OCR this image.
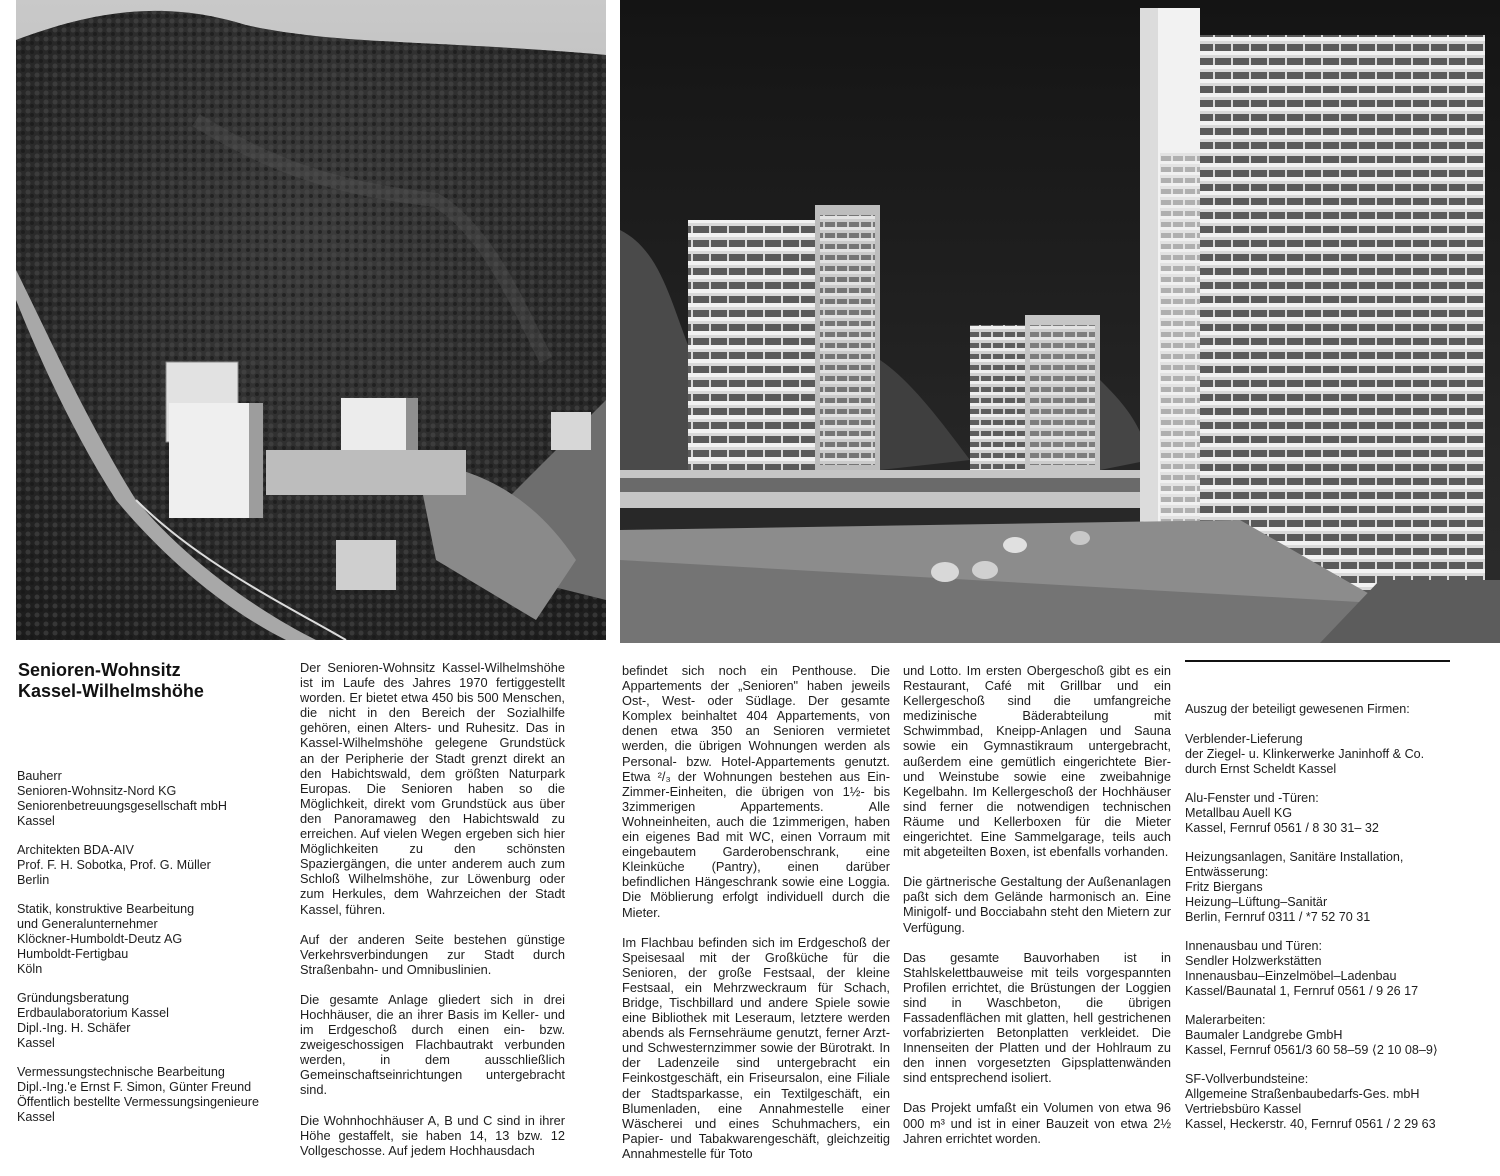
Senioren-Wohnsitz
Kassel-Wilhelmshöhe
Bauherr
Senioren-Wohnsitz-Nord KG
Seniorenbetreuungsgesellschaft mbH
Kassel
Architekten BDA-AIV
Prof. F. H. Sobotka, Prof. G. Müller
Berlin
Statik, konstruktive Bearbeitung
und Generalunternehmer
Klöckner-Humboldt-Deutz AG
Humboldt-Fertigbau
Köln
Gründungsberatung
Erdbaulaboratorium Kassel
Dipl.-Ing. H. Schäfer
Kassel
Vermessungstechnische Bearbeitung
Dipl.-Ing.'e Ernst F. Simon, Günter Freund
Öffentlich bestellte Vermessungsingenieure
Kassel

Der Senioren-Wohnsitz Kassel-Wilhelmshöhe ist im Laufe des Jahres 1970 fertiggestellt worden. Er bietet etwa 450 bis 500 Menschen, die nicht in den Bereich der Sozialhilfe gehören, einen Alters- und Ruhesitz. Das in Kassel-Wilhelmshöhe gelegene Grundstück an der Peripherie der Stadt grenzt direkt an den Habichtswald, dem größten Naturpark Europas. Die Senioren haben so die Möglichkeit, direkt vom Grundstück aus über den Panoramaweg den Habichtswald zu erreichen. Auf vielen Wegen ergeben sich hier Möglichkeiten zu den schönsten Spaziergängen, die unter anderem auch zum Schloß Wilhelmshöhe, zur Löwenburg oder zum Herkules, dem Wahrzeichen der Stadt Kassel, führen.

Auf der anderen Seite bestehen günstige Verkehrsverbindungen zur Stadt durch Straßenbahn- und Omnibuslinien.

Die gesamte Anlage gliedert sich in drei Hochhäuser, die an ihrer Basis im Keller- und im Erdgeschoß durch einen ein- bzw. zweigeschossigen Flachbautrakt verbunden werden, in dem ausschließlich Gemeinschaftseinrichtungen untergebracht sind.

Die Wohnhochhäuser A, B und C sind in ihrer Höhe gestaffelt, sie haben 14, 13 bzw. 12 Vollgeschosse. Auf jedem Hochhausdach

befindet sich noch ein Penthouse. Die Appartements der „Senioren" haben jeweils Ost-, West- oder Südlage. Der gesamte Komplex beinhaltet 404 Appartements, von denen etwa 350 an Senioren vermietet werden, die übrigen Wohnungen werden als Personal- bzw. Hotel-Appartements genutzt. Etwa ²/₃ der Wohnungen bestehen aus Ein-Zimmer-Einheiten, die übrigen von 1½- bis 3zimmerigen Appartements. Alle Wohneinheiten, auch die 1zimmerigen, haben ein eigenes Bad mit WC, einen Vorraum mit eingebautem Garderobenschrank, eine Kleinküche (Pantry), einen darüber befindlichen Hängeschrank sowie eine Loggia. Die Möblierung erfolgt individuell durch die Mieter.

Im Flachbau befinden sich im Erdgeschoß der Speisesaal mit der Großküche für die Senioren, der große Festsaal, der kleine Festsaal, ein Mehrzweckraum für Schach, Bridge, Tischbillard und andere Spiele sowie eine Bibliothek mit Leseraum, letztere werden abends als Fernsehräume genutzt, ferner Arzt- und Schwesternzimmer sowie der Bürotrakt. In der Ladenzeile sind untergebracht ein Feinkostgeschäft, ein Friseursalon, eine Filiale der Stadtsparkasse, ein Textilgeschäft, ein Blumenladen, eine Annahmestelle einer Wäscherei und eines Schuhmachers, ein Papier- und Tabakwarengeschäft, gleichzeitig Annahmestelle für Toto

und Lotto. Im ersten Obergeschoß gibt es ein Restaurant, Café mit Grillbar und ein Kellergeschoß sind die umfangreiche medizinische Bäderabteilung mit Schwimmbad, Kneipp-Anlagen und Sauna sowie ein Gymnastikraum untergebracht, außerdem eine gemütlich eingerichtete Bier- und Weinstube sowie eine zweibahnige Kegelbahn. Im Kellergeschoß der Hochhäuser sind ferner die notwendigen technischen Räume und Kellerboxen für die Mieter eingerichtet. Eine Sammelgarage, teils auch mit abgeteilten Boxen, ist ebenfalls vorhanden.

Die gärtnerische Gestaltung der Außenanlagen paßt sich dem Gelände harmonisch an. Eine Minigolf- und Bocciabahn steht den Mietern zur Verfügung.

Das gesamte Bauvorhaben ist in Stahlskelettbauweise mit teils vorgespannten Profilen errichtet, die Brüstungen der Loggien sind in Waschbeton, die übrigen Fassadenflächen mit glatten, hell gestrichenen vorfabrizierten Betonplatten verkleidet. Die Innenseiten der Platten und der Hohlraum zu den innen vorgesetzten Gipsplattenwänden sind entsprechend isoliert.

Das Projekt umfaßt ein Volumen von etwa 96 000 m³ und ist in einer Bauzeit von etwa 2½ Jahren errichtet worden.

Auszug der beteiligt gewesenen Firmen:
Verblender-Lieferung
der Ziegel- u. Klinkerwerke Janinhoff & Co.
durch Ernst Scheldt Kassel
Alu-Fenster und -Türen:
Metallbau Auell KG
Kassel, Fernruf 0561 / 8 30 31– 32
Heizungsanlagen, Sanitäre Installation,
Entwässerung:
Fritz Biergans
Heizung–Lüftung–Sanitär
Berlin, Fernruf 0311 / *7 52 70 31
Innenausbau und Türen:
Sendler Holzwerkstätten
Innenausbau–Einzelmöbel–Ladenbau
Kassel/Baunatal 1, Fernruf 0561 / 9 26 17
Malerarbeiten:
Baumaler Landgrebe GmbH
Kassel, Fernruf 0561/3 60 58–59 ⟨2 10 08–9⟩
SF-Vollverbundsteine:
Allgemeine Straßenbaubedarfs-Ges. mbH
Vertriebsbüro Kassel
Kassel, Heckerstr. 40, Fernruf 0561 / 2 29 63
